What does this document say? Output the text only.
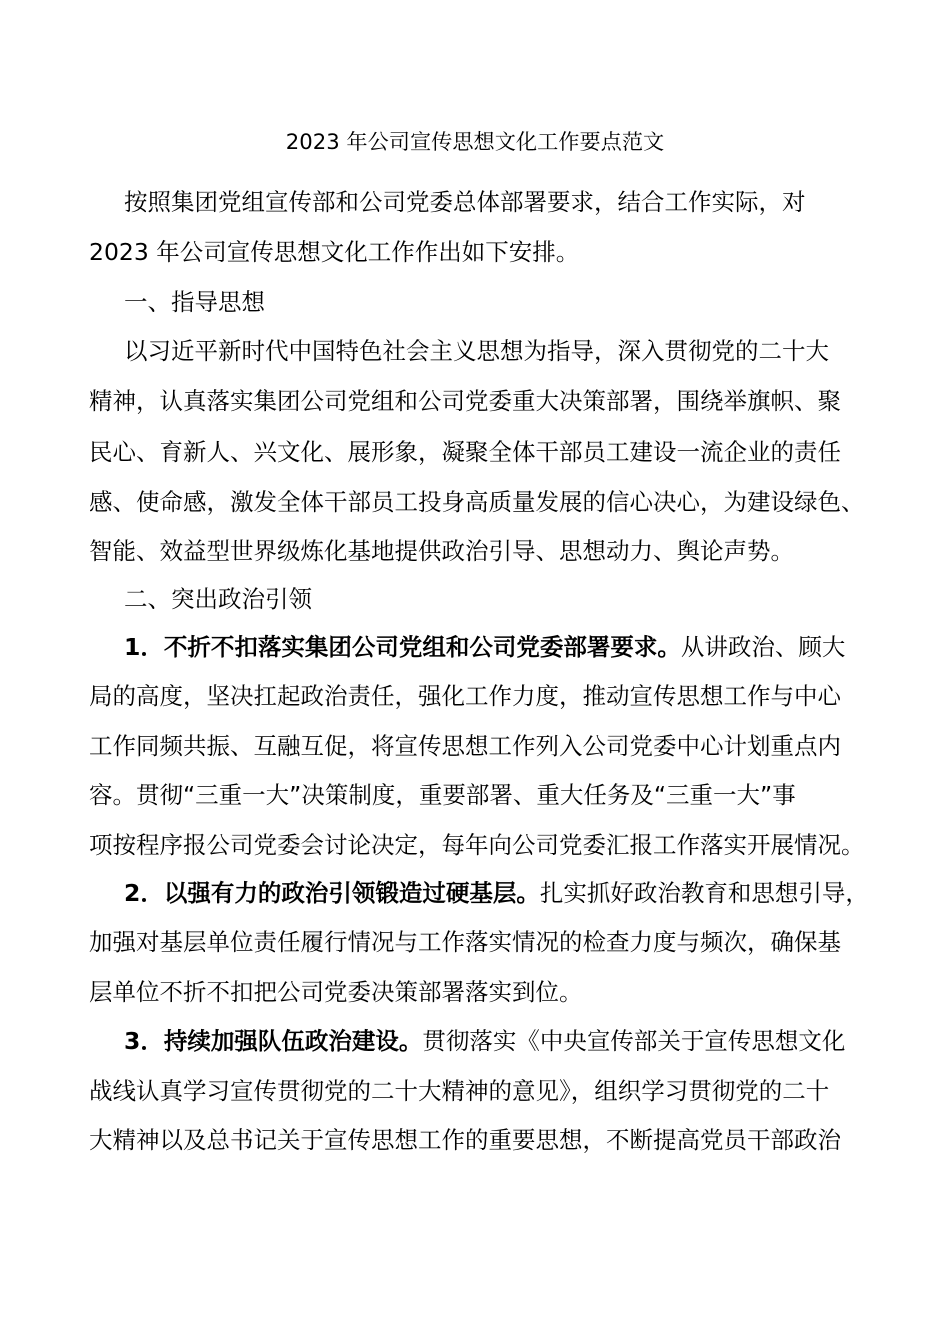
2023 年公司宣传思想文化工作要点范文
按照集团党组宣传部和公司党委总体部署要求，结合工作实际，对
2023 年公司宣传思想文化工作作出如下安排。
一、指导思想
以习近平新时代中国特色社会主义思想为指导，深入贯彻党的二十大
精神，认真落实集团公司党组和公司党委重大决策部署，围绕举旗帜、聚
民心、育新人、兴文化、展形象，凝聚全体干部员工建设一流企业的责任
感、使命感，激发全体干部员工投身高质量发展的信心决心，为建设绿色、
智能、效益型世界级炼化基地提供政治引导、思想动力、舆论声势。
二、突出政治引领
1．不折不扣落实集团公司党组和公司党委部署要求。从讲政治、顾大
局的高度，坚决扛起政治责任，强化工作力度，推动宣传思想工作与中心
工作同频共振、互融互促，将宣传思想工作列入公司党委中心计划重点内
容。贯彻“三重一大”决策制度，重要部署、重大任务及“三重一大”事
项按程序报公司党委会讨论决定，每年向公司党委汇报工作落实开展情况。
2．以强有力的政治引领锻造过硬基层。扎实抓好政治教育和思想引导，
加强对基层单位责任履行情况与工作落实情况的检查力度与频次，确保基
层单位不折不扣把公司党委决策部署落实到位。
3．持续加强队伍政治建设。贯彻落实《中央宣传部关于宣传思想文化
战线认真学习宣传贯彻党的二十大精神的意见》，组织学习贯彻党的二十
大精神以及总书记关于宣传思想工作的重要思想，不断提高党员干部政治
